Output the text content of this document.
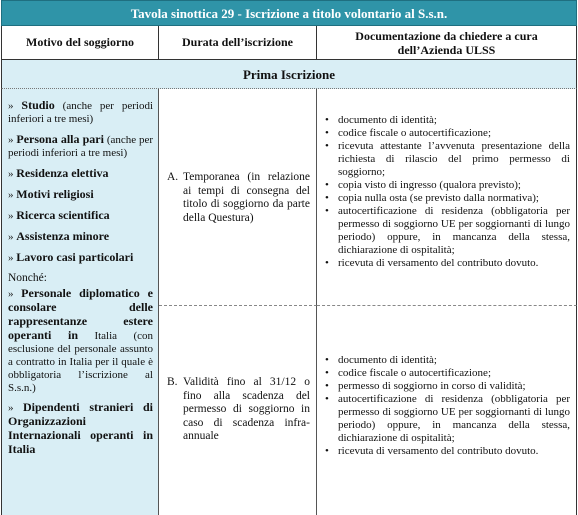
Tavola sinottica 29 - Iscrizione a titolo volontario al S.s.n.
Motivo del soggiorno	Durata dell’iscrizione	Documentazione da chiedere a cura dell’Azienda ULSS
Prima Iscrizione
» Studio (anche per periodi inferiori a tre mesi)
» Persona alla pari (anche per periodi inferiori a tre mesi)
» Residenza elettiva
» Motivi religiosi
» Ricerca scientifica
» Assistenza minore
» Lavoro casi particolari
Nonché:
» Personale diplomatico e consolare delle rappresentanze estere operanti in Italia (con esclusione del personale assunto a contratto in Italia per il quale è obbligatoria l’iscrizione al S.s.n.)
» Dipendenti stranieri di Organizzazioni Internazionali operanti in Italia
A. Temporanea (in relazione ai tempi di consegna del titolo di soggiorno da parte della Questura)
B. Validità fino al 31/12 o fino alla scadenza del permesso di soggiorno in caso di scadenza infra-annuale
• documento di identità;
• codice fiscale o autocertificazione;
• ricevuta attestante l’avvenuta presentazione della richiesta di rilascio del primo permesso di soggiorno;
• copia visto di ingresso (qualora previsto);
• copia nulla osta (se previsto dalla normativa);
• autocertificazione di residenza (obbligatoria per permesso di soggiorno UE per soggiornanti di lungo periodo) oppure, in mancanza della stessa, dichiarazione di ospitalità;
• ricevuta di versamento del contributo dovuto.
• documento di identità;
• codice fiscale o autocertificazione;
• permesso di soggiorno in corso di validità;
• autocertificazione di residenza (obbligatoria per permesso di soggiorno UE per soggiornanti di lungo periodo) oppure, in mancanza della stessa, dichiarazione di ospitalità;
• ricevuta di versamento del contributo dovuto.
